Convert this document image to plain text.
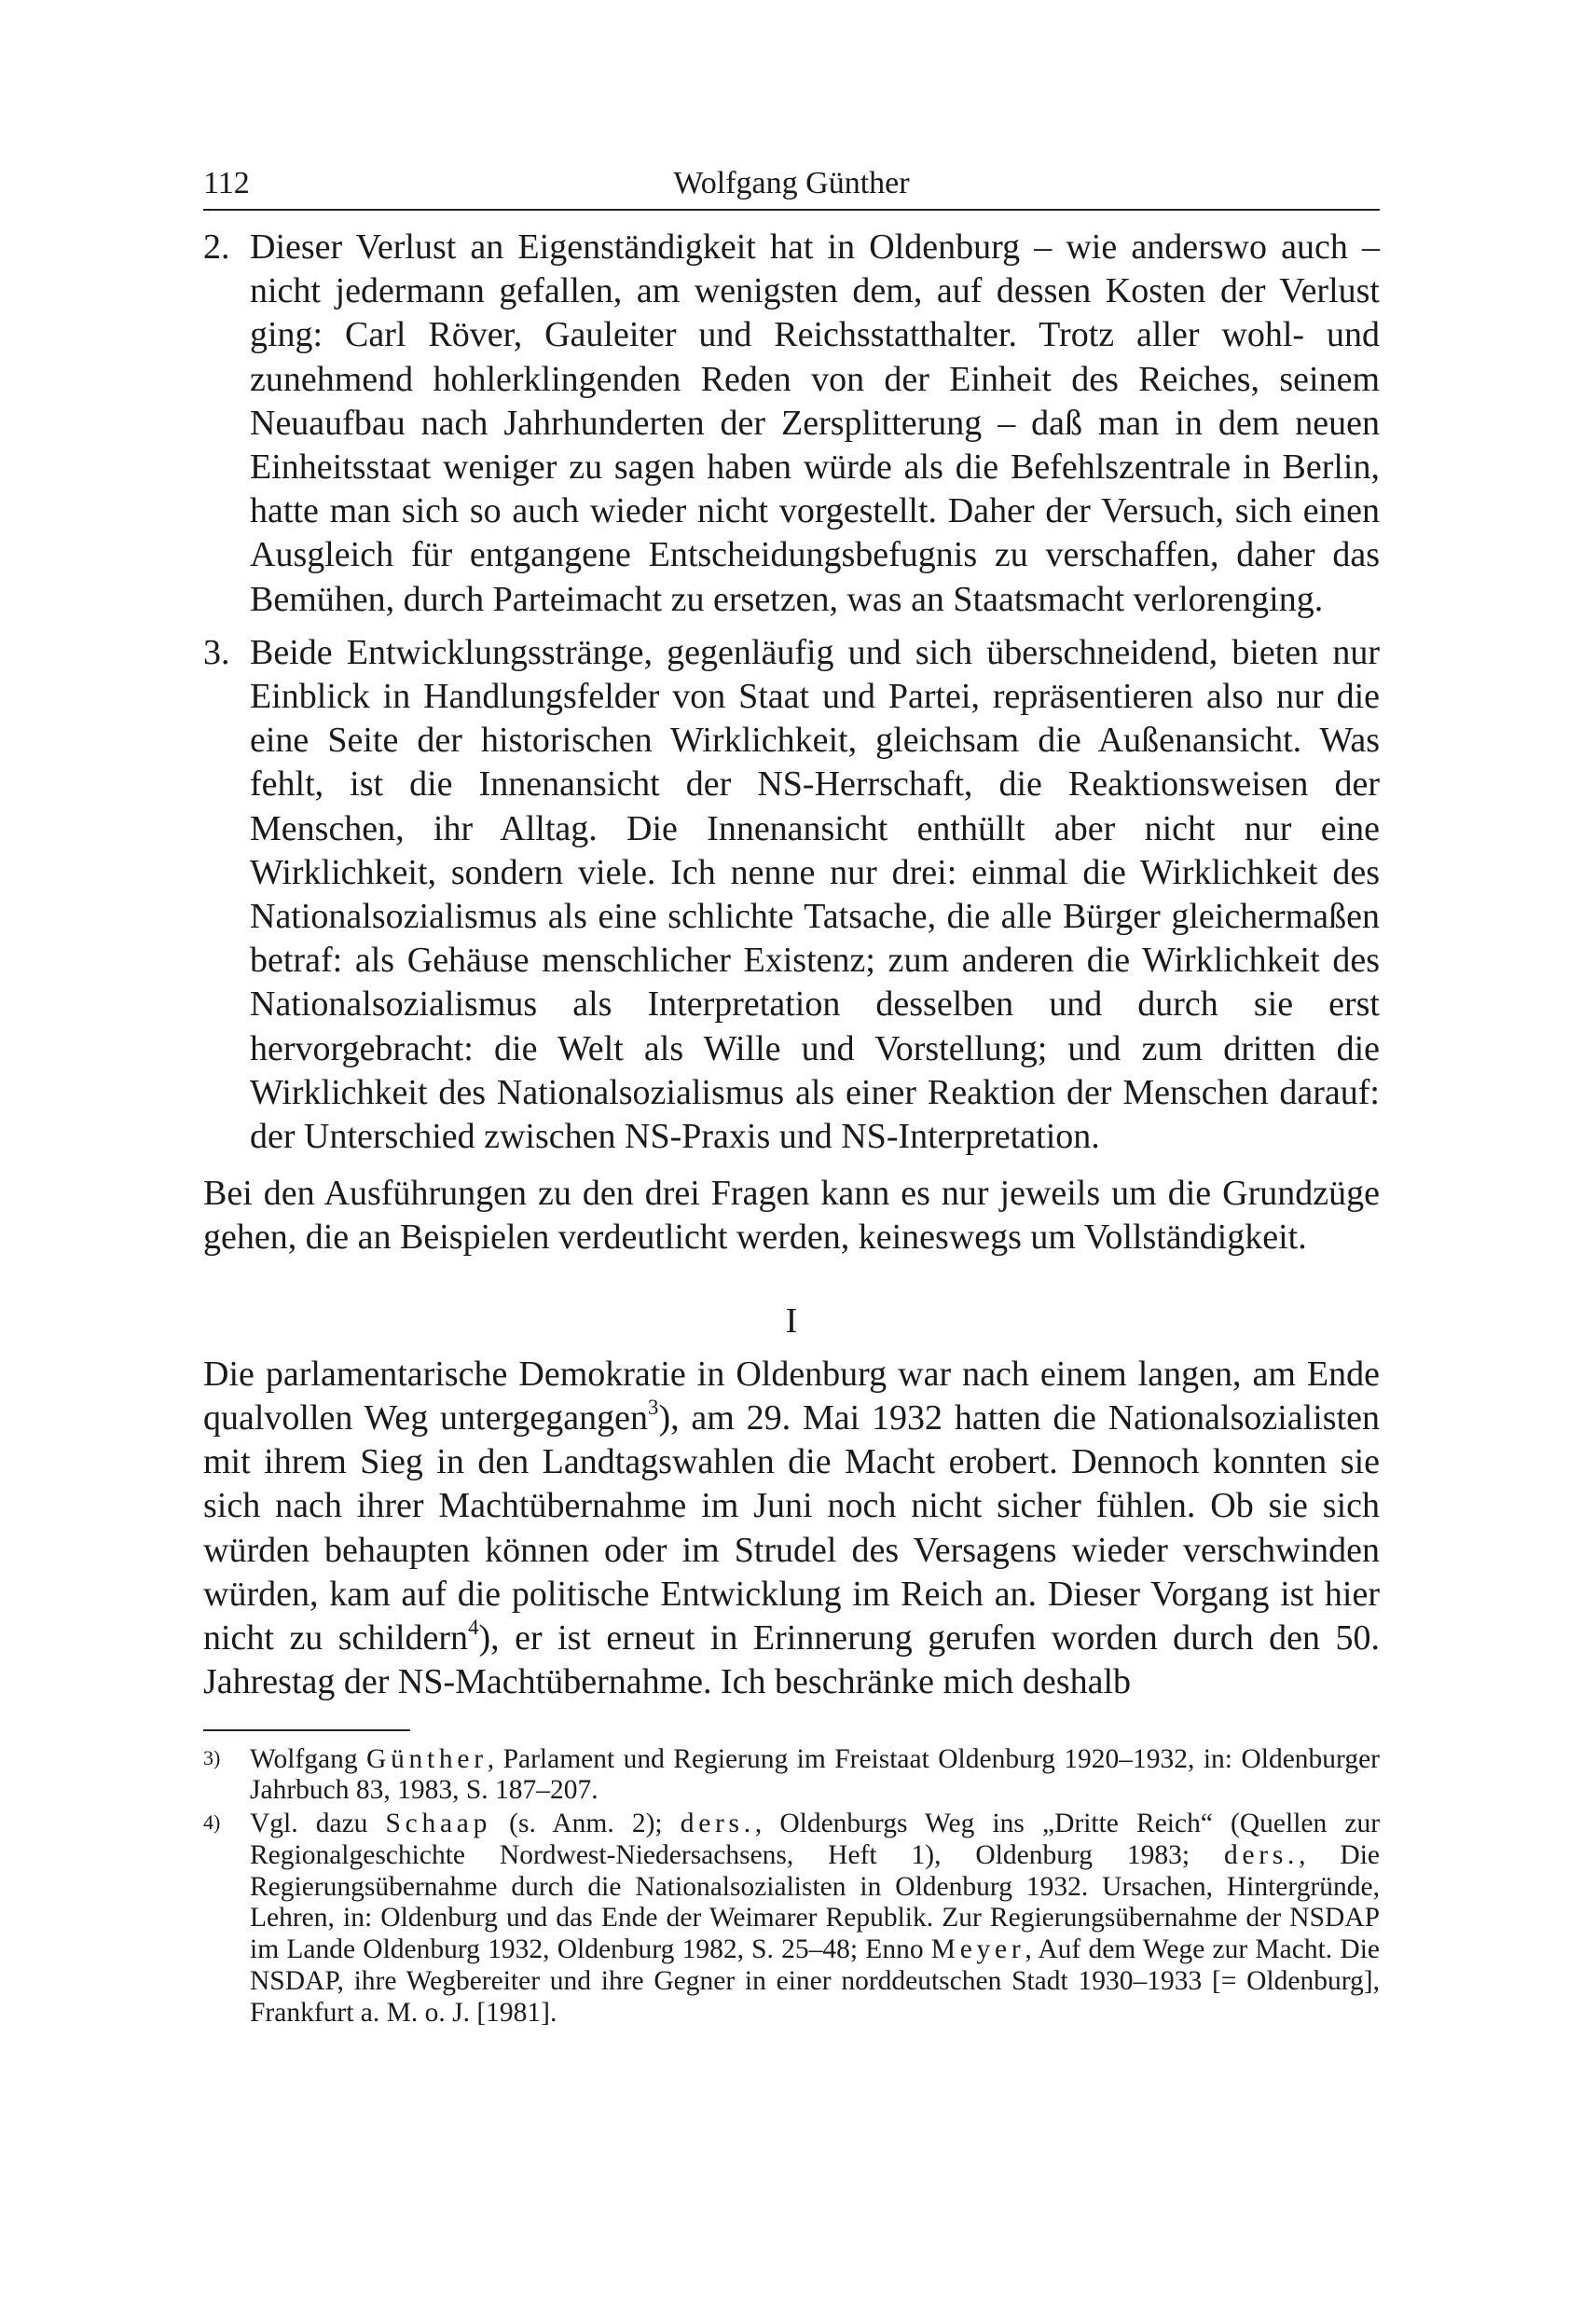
112	Wolfgang Günther
2. Dieser Verlust an Eigenständigkeit hat in Oldenburg – wie anderswo auch – nicht jedermann gefallen, am wenigsten dem, auf dessen Kosten der Verlust ging: Carl Röver, Gauleiter und Reichsstatthalter. Trotz aller wohl- und zunehmend hohlerklingenden Reden von der Einheit des Reiches, seinem Neuaufbau nach Jahrhunderten der Zersplitterung – daß man in dem neuen Einheitsstaat weniger zu sagen haben würde als die Befehlszentrale in Berlin, hatte man sich so auch wieder nicht vorgestellt. Daher der Versuch, sich einen Ausgleich für entgangene Entscheidungsbefugnis zu verschaffen, daher das Bemühen, durch Parteimacht zu ersetzen, was an Staatsmacht verlorenging.

3. Beide Entwicklungsstränge, gegenläufig und sich überschneidend, bieten nur Einblick in Handlungsfelder von Staat und Partei, repräsentieren also nur die eine Seite der historischen Wirklichkeit, gleichsam die Außenansicht. Was fehlt, ist die Innenansicht der NS-Herrschaft, die Reaktionsweisen der Menschen, ihr Alltag. Die Innenansicht enthüllt aber nicht nur eine Wirklichkeit, sondern viele. Ich nenne nur drei: einmal die Wirklichkeit des Nationalsozialismus als eine schlichte Tatsache, die alle Bürger gleichermaßen betraf: als Gehäuse menschlicher Existenz; zum anderen die Wirklichkeit des Nationalsozialismus als Interpretation desselben und durch sie erst hervorgebracht: die Welt als Wille und Vorstellung; und zum dritten die Wirklichkeit des Nationalsozialismus als einer Reaktion der Menschen darauf: der Unterschied zwischen NS-Praxis und NS-Interpretation.

Bei den Ausführungen zu den drei Fragen kann es nur jeweils um die Grundzüge gehen, die an Beispielen verdeutlicht werden, keineswegs um Vollständigkeit.

I

Die parlamentarische Demokratie in Oldenburg war nach einem langen, am Ende qualvollen Weg untergegangen$^3$), am 29. Mai 1932 hatten die Nationalsozialisten mit ihrem Sieg in den Landtagswahlen die Macht erobert. Dennoch konnten sie sich nach ihrer Machtübernahme im Juni noch nicht sicher fühlen. Ob sie sich würden behaupten können oder im Strudel des Versagens wieder verschwinden würden, kam auf die politische Entwicklung im Reich an. Dieser Vorgang ist hier nicht zu schildern$^4$), er ist erneut in Erinnerung gerufen worden durch den 50. Jahrestag der NS-Machtübernahme. Ich beschränke mich deshalb

3)	Wolfgang Günther, Parlament und Regierung im Freistaat Oldenburg 1920–1932, in: Oldenburger Jahrbuch 83, 1983, S. 187–207.
4)	Vgl. dazu Schaap (s. Anm. 2); ders., Oldenburgs Weg ins „Dritte Reich“ (Quellen zur Regionalgeschichte Nordwest-Niedersachsens, Heft 1), Oldenburg 1983; ders., Die Regierungsübernahme durch die Nationalsozialisten in Oldenburg 1932. Ursachen, Hintergründe, Lehren, in: Oldenburg und das Ende der Weimarer Republik. Zur Regierungsübernahme der NSDAP im Lande Oldenburg 1932, Oldenburg 1982, S. 25–48; Enno Meyer, Auf dem Wege zur Macht. Die NSDAP, ihre Wegbereiter und ihre Gegner in einer norddeutschen Stadt 1930–1933 [= Oldenburg], Frankfurt a. M. o. J. [1981].
